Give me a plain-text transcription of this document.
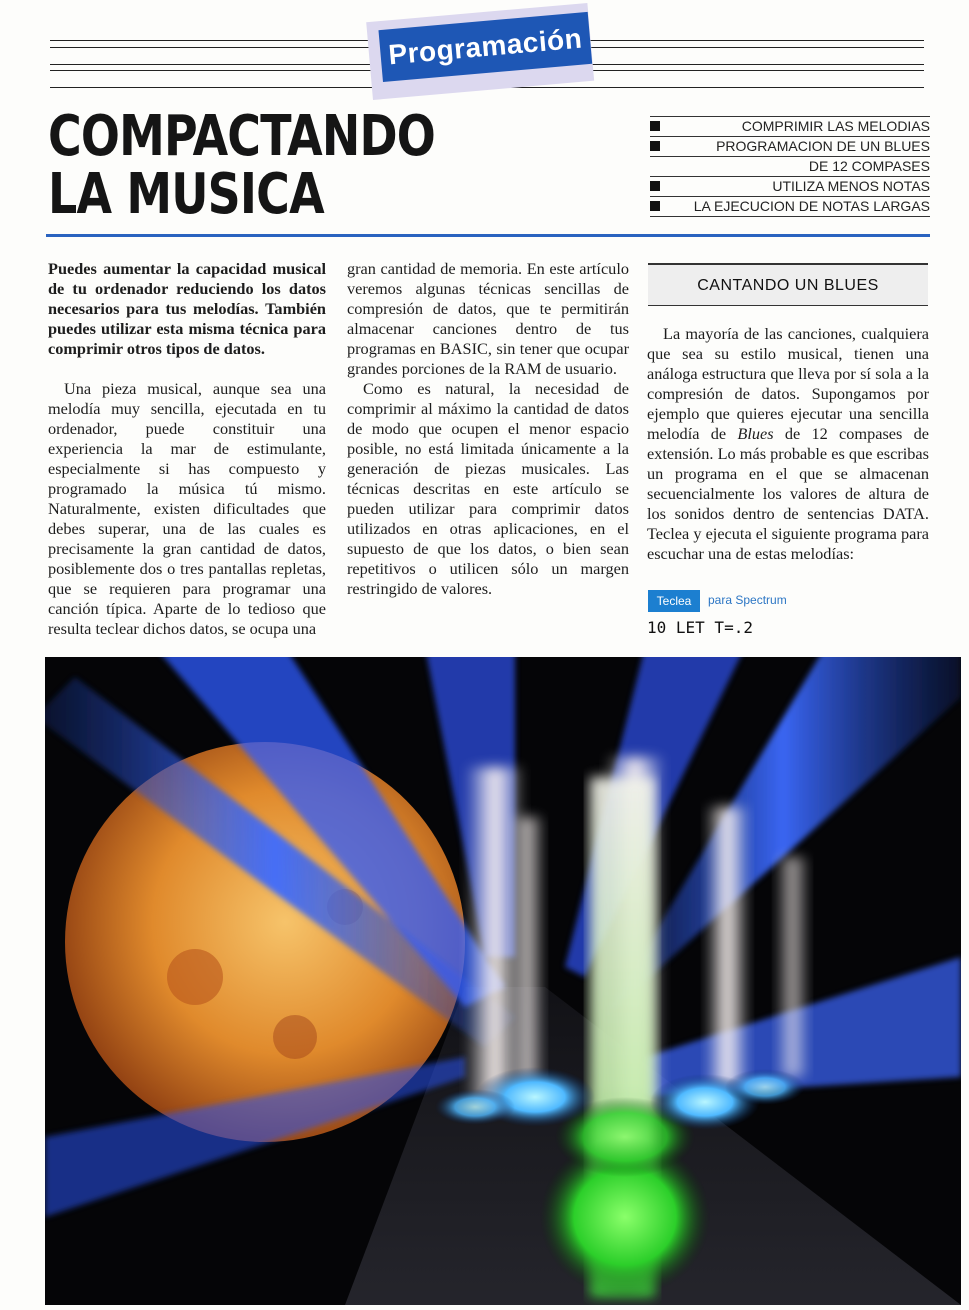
Programación
COMPACTANDO
LA MUSICA
COMPRIMIR LAS MELODIAS
PROGRAMACION DE UN BLUES
DE 12 COMPASES
UTILIZA MENOS NOTAS
LA EJECUCION DE NOTAS LARGAS

Puedes aumentar la capacidad musical de tu ordenador reduciendo los datos necesarios para tus melodías. También puedes utilizar esta misma técnica para comprimir otros tipos de datos.

Una pieza musical, aunque sea una melodía muy sencilla, ejecutada en tu ordenador, puede constituir una experiencia la mar de estimulante, especialmente si has compuesto y programado la música tú mismo. Naturalmente, existen dificultades que debes superar, una de las cuales es precisamente la gran cantidad de datos, posiblemente dos o tres pantallas repletas, que se requieren para programar una canción típica. Aparte de lo tedioso que resulta teclear dichos datos, se ocupa una

gran cantidad de memoria. En este artículo veremos algunas técnicas sencillas de compresión de datos, que te permitirán almacenar canciones dentro de tus programas en BASIC, sin tener que ocupar grandes porciones de la RAM de usuario.

Como es natural, la necesidad de comprimir al máximo la cantidad de datos de modo que ocupen el menor espacio posible, no está limitada únicamente a la generación de piezas musicales. Las técnicas descritas en este artículo se pueden utilizar para comprimir datos utilizados en otras aplicaciones, en el supuesto de que los datos, o bien sean repetitivos o utilicen sólo un margen restringido de valores.

CANTANDO UN BLUES

La mayoría de las canciones, cualquiera que sea su estilo musical, tienen una análoga estructura que lleva por sí sola a la compresión de datos. Supongamos por ejemplo que quieres ejecutar una sencilla melodía de Blues de 12 compases de extensión. Lo más probable es que escribas un programa en el que se almacenan secuencialmente los valores de altura de los sonidos dentro de sentencias DATA. Teclea y ejecuta el siguiente programa para escuchar una de estas melodías:

Teclea	para Spectrum
10 LET T=.2
